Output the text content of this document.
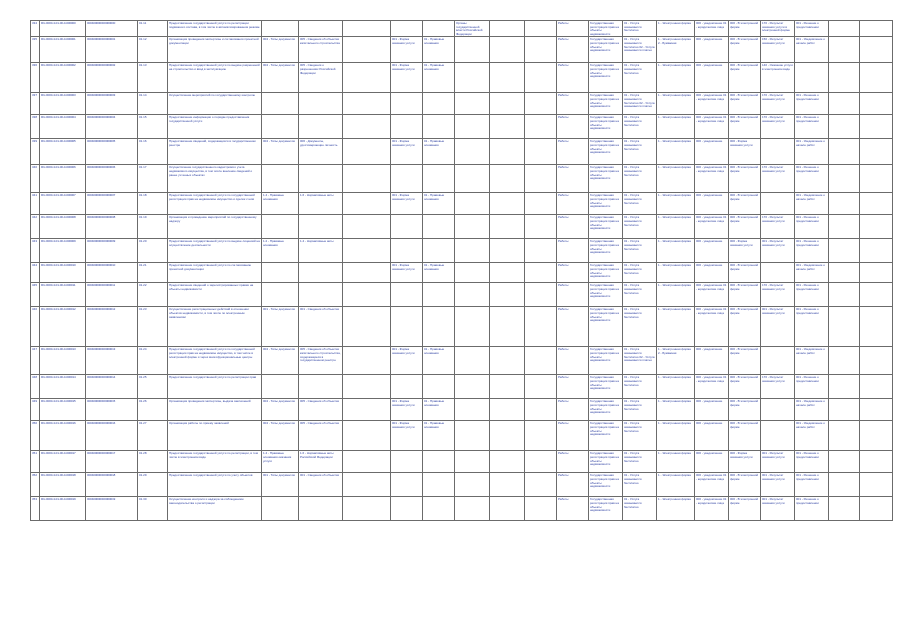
334	RU-0000-4-01-00-0-000000	000400000000000000	01.11	Предоставление государственной услуги по регистрации подвижного состава, в том числе в автоматизированном режиме						Органы государственной власти Российской Федерации			Работы	Государственная регистрация прав на объекты недвижимости	01 - Услуга оказывается бесплатно	1 - Электронная форма	000 - уведомление 01 - юридические лица	000 - В электронной форме	170 - Результат оказания услуги в электронной форме	001 - Решение о предоставлении		
335	RU-0000-4-01-00-0-000001	000400000000000001	01.12	Организация проведения экспертизы и согласования проектной документации	004 - Типы документов	005 - Сведения об объектах капитального строительства		001 - Форма оказания услуги	01 - Правовые основания				Работы	Государственная регистрация прав на объекты недвижимости	01 - Услуга оказывается бесплатно 02 - Услуга оказывается платно	1 - Электронная форма 2 - Бумажная	000 - уведомление	000 - В электронной форме	150 - Результат оказания услуги	001 - Уведомление о начале работ		
336	RU-0000-4-01-00-0-000002	000400000000000002	01.13	Предоставление государственной услуги по выдаче разрешений на строительство и ввод в эксплуатацию	004 - Типы документов	005 - Сведения о разрешениях Российской Федерации		001 - Форма оказания услуги	01 - Правовые основания				Работы	Государственная регистрация прав на объекты недвижимости	01 - Услуга оказывается бесплатно	1 - Электронная форма	000 - уведомление	000 - В электронной форме	140 - Оказание услуги в электронном виде			
337	RU-0000-4-01-00-0-000003	000400000000000003	01.14	Осуществление мероприятий по государственному контролю									Работы	Государственная регистрация прав на объекты недвижимости	01 - Услуга оказывается бесплатно 02 - Услуга оказывается платно	1 - Электронная форма	000 - уведомление 01 - юридические лица	000 - В электронной форме	170 - Результат оказания услуги	001 - Решение о предоставлении		
338	RU-0000-4-01-00-0-000004	000400000000000004	01.15	Предоставление информации о порядке предоставления государственной услуги									Работы	Государственная регистрация прав на объекты недвижимости	01 - Услуга оказывается бесплатно	1 - Электронная форма	000 - уведомление 01 - юридические лица	000 - В электронной форме	170 - Результат оказания услуги	001 - Решение о предоставлении		
339	RU-0000-4-01-00-0-000005	000400000000000005	01.16	Предоставление сведений, содержащихся в государственном реестре	004 - Типы документов	006 - Документы, удостоверяющие личность		001 - Форма оказания услуги	01 - Правовые основания				Работы	Государственная регистрация прав на объекты недвижимости	01 - Услуга оказывается бесплатно	1 - Электронная форма	000 - уведомление	000 - Форма оказания услуги		001 - Уведомление о начале работ		
340	RU-0000-4-01-00-0-000006	000400000000000006	01.17	Осуществление государственного кадастрового учета недвижимого имущества, в том числе внесение сведений о ранее учтенных объектах									Работы	Государственная регистрация прав на объекты недвижимости	01 - Услуга оказывается бесплатно	1 - Электронная форма	000 - уведомление 01 - юридические лица	000 - В электронной форме	170 - Результат оказания услуги	001 - Решение о предоставлении		
341	RU-0000-4-01-00-0-000007	000400000000000007	01.18	Предоставление государственной услуги по государственной регистрации прав на недвижимое имущество и сделок с ним	1.4 - Правовые основания	1.6 - Нормативные акты		001 - Форма оказания услуги	01 - Правовые основания				Работы	Государственная регистрация прав на объекты недвижимости	01 - Услуга оказывается бесплатно	1 - Электронная форма	000 - уведомление	000 - В электронной форме		001 - Уведомление о начале работ		
342	RU-0000-4-01-00-0-000008	000400000000000008	01.19	Организация и проведение мероприятий по государственному надзору									Работы	Государственная регистрация прав на объекты недвижимости	01 - Услуга оказывается бесплатно	1 - Электронная форма	000 - уведомление 01 - юридические лица	000 - В электронной форме	170 - Результат оказания услуги	001 - Решение о предоставлении		
343	RU-0000-4-01-00-0-000009	000400000000000009	01.20	Предоставление государственной услуги по выдаче лицензий на осуществление деятельности	1.2 - Правовые основания	1.4 - Нормативные акты							Работы	Государственная регистрация прав на объекты недвижимости	01 - Услуга оказывается бесплатно	1 - Электронная форма	000 - уведомление	000 - Форма оказания услуги	001 - Результат оказания услуги	001 - Решение о предоставлении		
344	RU-0000-4-01-00-0-000010	000400000000000010	01.21	Предоставление государственной услуги по согласованию проектной документации				001 - Форма оказания услуги	01 - Правовые основания				Работы	Государственная регистрация прав на объекты недвижимости	01 - Услуга оказывается бесплатно	1 - Электронная форма	000 - уведомление	000 - В электронной форме		001 - Уведомление о начале работ		
345	RU-0000-4-01-00-0-000011	000400000000000011	01.22	Предоставление сведений о зарегистрированных правах на объекты недвижимости									Работы	Государственная регистрация прав на объекты недвижимости	01 - Услуга оказывается бесплатно	1 - Электронная форма	000 - уведомление 01 - юридические лица	000 - В электронной форме	170 - Результат оказания услуги	001 - Решение о предоставлении		
346	RU-0000-4-01-00-0-000012	000400000000000012	01.23	Осуществление регистрационных действий в отношении объектов недвижимости, в том числе по электронным заявлениям	001 - Типы документов	001 - Сведения об объектах							Работы	Государственная регистрация прав на объекты недвижимости	01 - Услуга оказывается бесплатно	1 - Электронная форма	000 - уведомление 01 - юридические лица	000 - В электронной форме	001 - Результат оказания услуги	001 - Решение о предоставлении		
347	RU-0000-4-01-00-0-000013	000400000000000013	01.24	Предоставление государственной услуги по государственной регистрации прав на недвижимое имущество, в том числе в электронной форме и через многофункциональные центры	004 - Типы документов	005 - Сведения об объектах капитального строительства, содержащиеся в государственном реестре		001 - Форма оказания услуги	01 - Правовые основания				Работы	Государственная регистрация прав на объекты недвижимости	01 - Услуга оказывается бесплатно 02 - Услуга оказывается платно	1 - Электронная форма 2 - Бумажная	000 - уведомление	000 - В электронной форме		001 - Уведомление о начале работ		
348	RU-0000-4-01-00-0-000014	000400000000000014	01.25	Предоставление государственной услуги по регистрации прав									Работы	Государственная регистрация прав на объекты недвижимости	01 - Услуга оказывается бесплатно	1 - Электронная форма	000 - уведомление 01 - юридические лица	000 - В электронной форме	170 - Результат оказания услуги	001 - Решение о предоставлении		
349	RU-0000-4-01-00-0-000015	000400000000000015	01.26	Организация проведения экспертизы, выдача заключений	004 - Типы документов	005 - Сведения об объектах		001 - Форма оказания услуги	01 - Правовые основания				Работы	Государственная регистрация прав на объекты недвижимости	01 - Услуга оказывается бесплатно	1 - Электронная форма	000 - уведомление	000 - В электронной форме		001 - Уведомление о начале работ		
350	RU-0000-4-01-00-0-000016	000400000000000016	01.27	Организация работы по приему заявлений	004 - Типы документов	005 - Сведения об объектах		001 - Форма оказания услуги	01 - Правовые основания				Работы	Государственная регистрация прав на объекты недвижимости	01 - Услуга оказывается бесплатно	1 - Электронная форма	000 - уведомление	000 - В электронной форме		001 - Уведомление о начале работ		
351	RU-0000-4-01-00-0-000017	000400000000000017	01.28	Предоставление государственной услуги по регистрации, в том числе в электронном виде	1.4 - Правовые основания оказания услуги	1.6 - Нормативные акты Российской Федерации							Работы	Государственная регистрация прав на объекты недвижимости	01 - Услуга оказывается бесплатно	1 - Электронная форма	000 - уведомление	000 - Форма оказания услуги	001 - Результат оказания услуги	001 - Решение о предоставлении		
352	RU-0000-4-01-00-0-000018	000400000000000018	01.29	Предоставление государственной услуги по учету объектов	001 - Типы документов	001 - Сведения об объектах							Работы	Государственная регистрация прав на объекты недвижимости	01 - Услуга оказывается бесплатно	1 - Электронная форма	000 - уведомление 01 - юридические лица	000 - В электронной форме	001 - Результат оказания услуги	001 - Решение о предоставлении		
353	RU-0000-4-01-00-0-000019	000400000000000019	01.30	Осуществление контроля и надзора за соблюдением законодательства о регистрации									Работы	Государственная регистрация прав на объекты недвижимости	01 - Услуга оказывается бесплатно	1 - Электронная форма	000 - уведомление 01 - юридические лица	000 - В электронной форме	001 - Результат оказания услуги	001 - Решение о предоставлении		
